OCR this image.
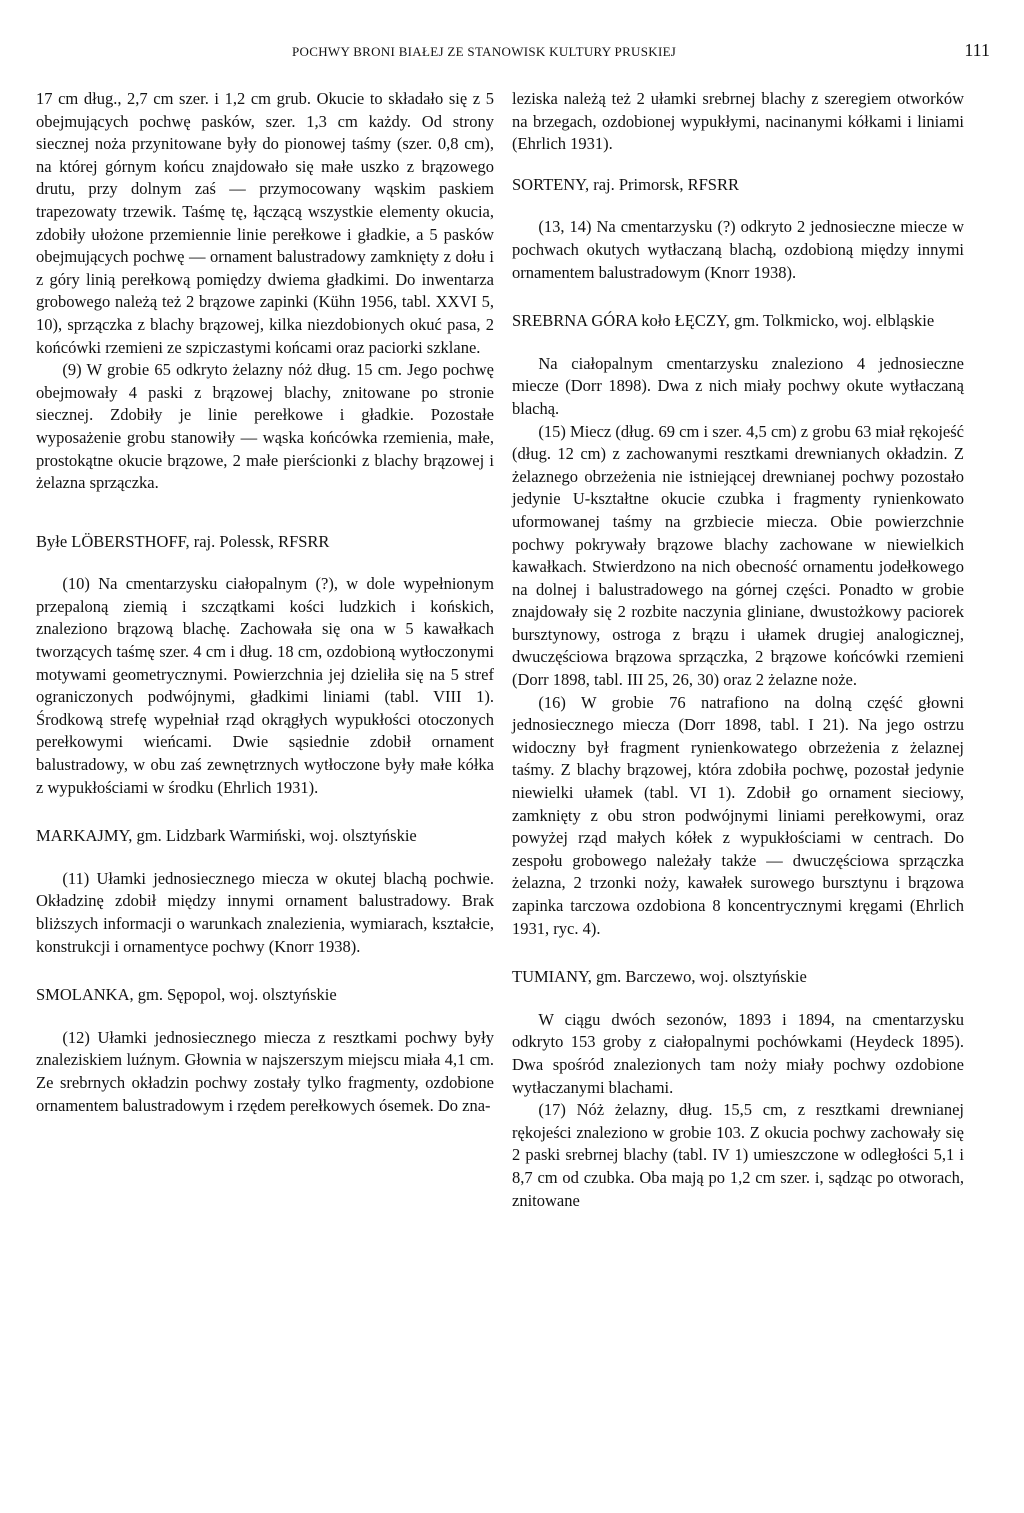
POCHWY BRONI BIAŁEJ ZE STANOWISK KULTURY PRUSKIEJ	111

17 cm dług., 2,7 cm szer. i 1,2 cm grub. Okucie to składało się z 5 obejmujących pochwę pasków, szer. 1,3 cm każdy. Od strony siecznej noża przynitowane były do pionowej taśmy (szer. 0,8 cm), na której górnym końcu znajdowało się małe uszko z brązowego drutu, przy dolnym zaś — przymocowany wąskim paskiem trapezowaty trzewik. Taśmę tę, łączącą wszystkie elementy okucia, zdobiły ułożone przemiennie linie perełkowe i gładkie, a 5 pasków obejmujących pochwę — ornament balustradowy zamknięty z dołu i z góry linią perełkową pomiędzy dwiema gładkimi. Do inwentarza grobowego należą też 2 brązowe zapinki (Kühn 1956, tabl. XXVI 5, 10), sprzączka z blachy brązowej, kilka niezdobionych okuć pasa, 2 końcówki rzemieni ze szpiczastymi końcami oraz paciorki szklane.

(9) W grobie 65 odkryto żelazny nóż dług. 15 cm. Jego pochwę obejmowały 4 paski z brązowej blachy, znitowane po stronie siecznej. Zdobiły je linie perełkowe i gładkie. Pozostałe wyposażenie grobu stanowiły — wąska końcówka rzemienia, małe, prostokątne okucie brązowe, 2 małe pierścionki z blachy brązowej i żelazna sprzączka.

Byłe LÖBERSTHOFF, raj. Polessk, RFSRR

(10) Na cmentarzysku ciałopalnym (?), w dole wypełnionym przepaloną ziemią i szczątkami kości ludzkich i końskich, znaleziono brązową blachę. Zachowała się ona w 5 kawałkach tworzących taśmę szer. 4 cm i dług. 18 cm, ozdobioną wytłoczonymi motywami geometrycznymi. Powierzchnia jej dzieliła się na 5 stref ograniczonych podwójnymi, gładkimi liniami (tabl. VIII 1). Środkową strefę wypełniał rząd okrągłych wypukłości otoczonych perełkowymi wieńcami. Dwie sąsiednie zdobił ornament balustradowy, w obu zaś zewnętrznych wytłoczone były małe kółka z wypukłościami w środku (Ehrlich 1931).

MARKAJMY, gm. Lidzbark Warmiński, woj. olsztyńskie

(11) Ułamki jednosiecznego miecza w okutej blachą pochwie. Okładzinę zdobił między innymi ornament balustradowy. Brak bliższych informacji o warunkach znalezienia, wymiarach, kształcie, konstrukcji i ornamentyce pochwy (Knorr 1938).

SMOLANKA, gm. Sępopol, woj. olsztyńskie

(12) Ułamki jednosiecznego miecza z resztkami pochwy były znaleziskiem luźnym. Głownia w najszerszym miejscu miała 4,1 cm. Ze srebrnych okładzin pochwy zostały tylko fragmenty, ozdobione ornamentem balustradowym i rzędem perełkowych ósemek. Do zna-

leziska należą też 2 ułamki srebrnej blachy z szeregiem otworków na brzegach, ozdobionej wypukłymi, nacinanymi kółkami i liniami (Ehrlich 1931).

SORTENY, raj. Primorsk, RFSRR

(13, 14) Na cmentarzysku (?) odkryto 2 jednosieczne miecze w pochwach okutych wytłaczaną blachą, ozdobioną między innymi ornamentem balustradowym (Knorr 1938).

SREBRNA GÓRA koło ŁĘCZY, gm. Tolkmicko, woj. elbląskie

Na ciałopalnym cmentarzysku znaleziono 4 jednosieczne miecze (Dorr 1898). Dwa z nich miały pochwy okute wytłaczaną blachą.

(15) Miecz (dług. 69 cm i szer. 4,5 cm) z grobu 63 miał rękojeść (dług. 12 cm) z zachowanymi resztkami drewnianych okładzin. Z żelaznego obrzeżenia nie istniejącej drewnianej pochwy pozostało jedynie U-kształtne okucie czubka i fragmenty rynienkowato uformowanej taśmy na grzbiecie miecza. Obie powierzchnie pochwy pokrywały brązowe blachy zachowane w niewielkich kawałkach. Stwierdzono na nich obecność ornamentu jodełkowego na dolnej i balustradowego na górnej części. Ponadto w grobie znajdowały się 2 rozbite naczynia gliniane, dwustożkowy paciorek bursztynowy, ostroga z brązu i ułamek drugiej analogicznej, dwuczęściowa brązowa sprzączka, 2 brązowe końcówki rzemieni (Dorr 1898, tabl. III 25, 26, 30) oraz 2 żelazne noże.

(16) W grobie 76 natrafiono na dolną część głowni jednosiecznego miecza (Dorr 1898, tabl. I 21). Na jego ostrzu widoczny był fragment rynienkowatego obrzeżenia z żelaznej taśmy. Z blachy brązowej, która zdobiła pochwę, pozostał jedynie niewielki ułamek (tabl. VI 1). Zdobił go ornament sieciowy, zamknięty z obu stron podwójnymi liniami perełkowymi, oraz powyżej rząd małych kółek z wypukłościami w centrach. Do zespołu grobowego należały także — dwuczęściowa sprzączka żelazna, 2 trzonki noży, kawałek surowego bursztynu i brązowa zapinka tarczowa ozdobiona 8 koncentrycznymi kręgami (Ehrlich 1931, ryc. 4).

TUMIANY, gm. Barczewo, woj. olsztyńskie

W ciągu dwóch sezonów, 1893 i 1894, na cmentarzysku odkryto 153 groby z ciałopalnymi pochówkami (Heydeck 1895). Dwa spośród znalezionych tam noży miały pochwy ozdobione wytłaczanymi blachami.

(17) Nóż żelazny, dług. 15,5 cm, z resztkami drewnianej rękojeści znaleziono w grobie 103. Z okucia pochwy zachowały się 2 paski srebrnej blachy (tabl. IV 1) umieszczone w odległości 5,1 i 8,7 cm od czubka. Oba mają po 1,2 cm szer. i, sądząc po otworach, znitowane
